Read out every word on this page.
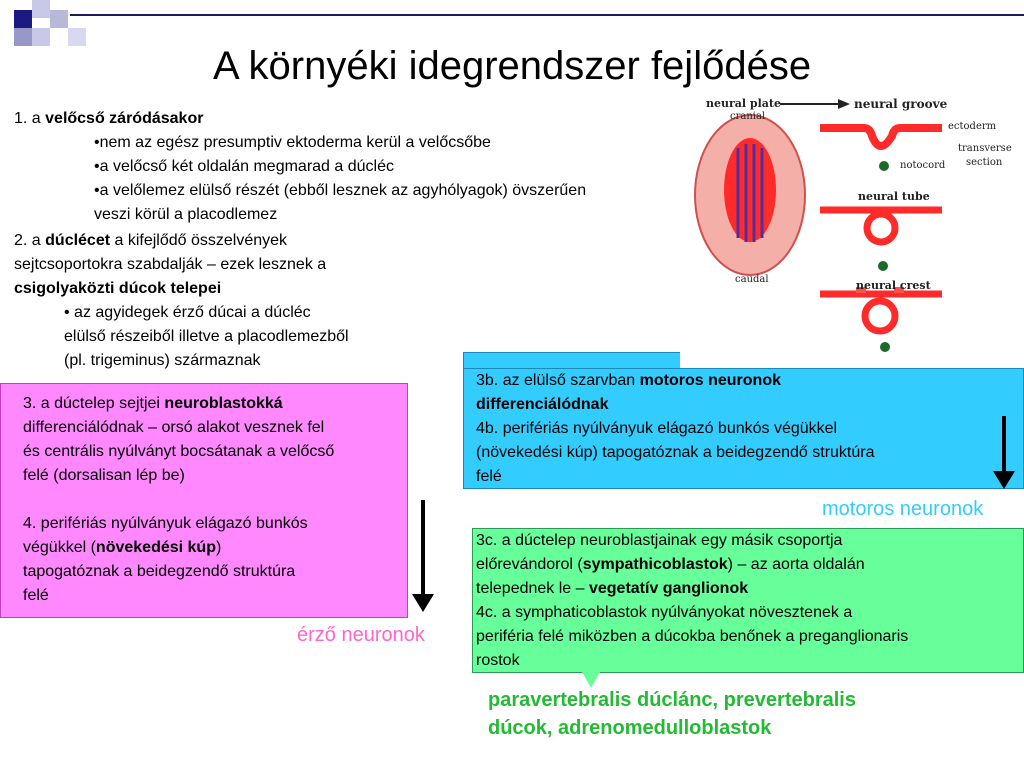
A környéki idegrendszer fejlődése
1. a velőcső záródásakor
•nem az egész presumptiv ektoderma kerül a velőcsőbe
•a velőcső két oldalán megmarad a dúcléc
•a velőlemez elülső részét (ebből lesznek az agyhólyagok) övszerűen
veszi körül a placodlemez
2. a dúclécet a kifejlődő összelvények
sejtcsoportokra szabdalják – ezek lesznek a
csigolyaközti dúcok telepei
• az agyidegek érző dúcai a dúcléc
elülső részeiből illetve a placodlemezből
(pl. trigeminus) származnak
neural plate
cranial
caudal
neural groove
ectoderm
transverse
section
notocord
neural tube
neural crest
3. a dúctelep sejtjei neuroblastokká
differenciálódnak – orsó alakot vesznek fel
és centrális nyúlványt bocsátanak a velőcső
felé (dorsalisan lép be)
4. perifériás nyúlványuk elágazó bunkós
végükkel (növekedési kúp)
tapogatóznak a beidegzendő struktúra
felé
érző neuronok
3b. az elülső szarvban motoros neuronok
differenciálódnak
4b. perifériás nyúlványuk elágazó bunkós végükkel
(növekedési kúp) tapogatóznak a beidegzendő struktúra
felé
motoros neuronok
3c. a dúctelep neuroblastjainak egy másik csoportja
előrevándorol (sympathicoblastok) – az aorta oldalán
telepednek le – vegetatív ganglionok
4c. a symphaticoblastok nyúlványokat növesztenek a
periféria felé miközben a dúcokba benőnek a preganglionaris
rostok
paravertebralis dúclánc, prevertebralis
dúcok, adrenomedulloblastok
